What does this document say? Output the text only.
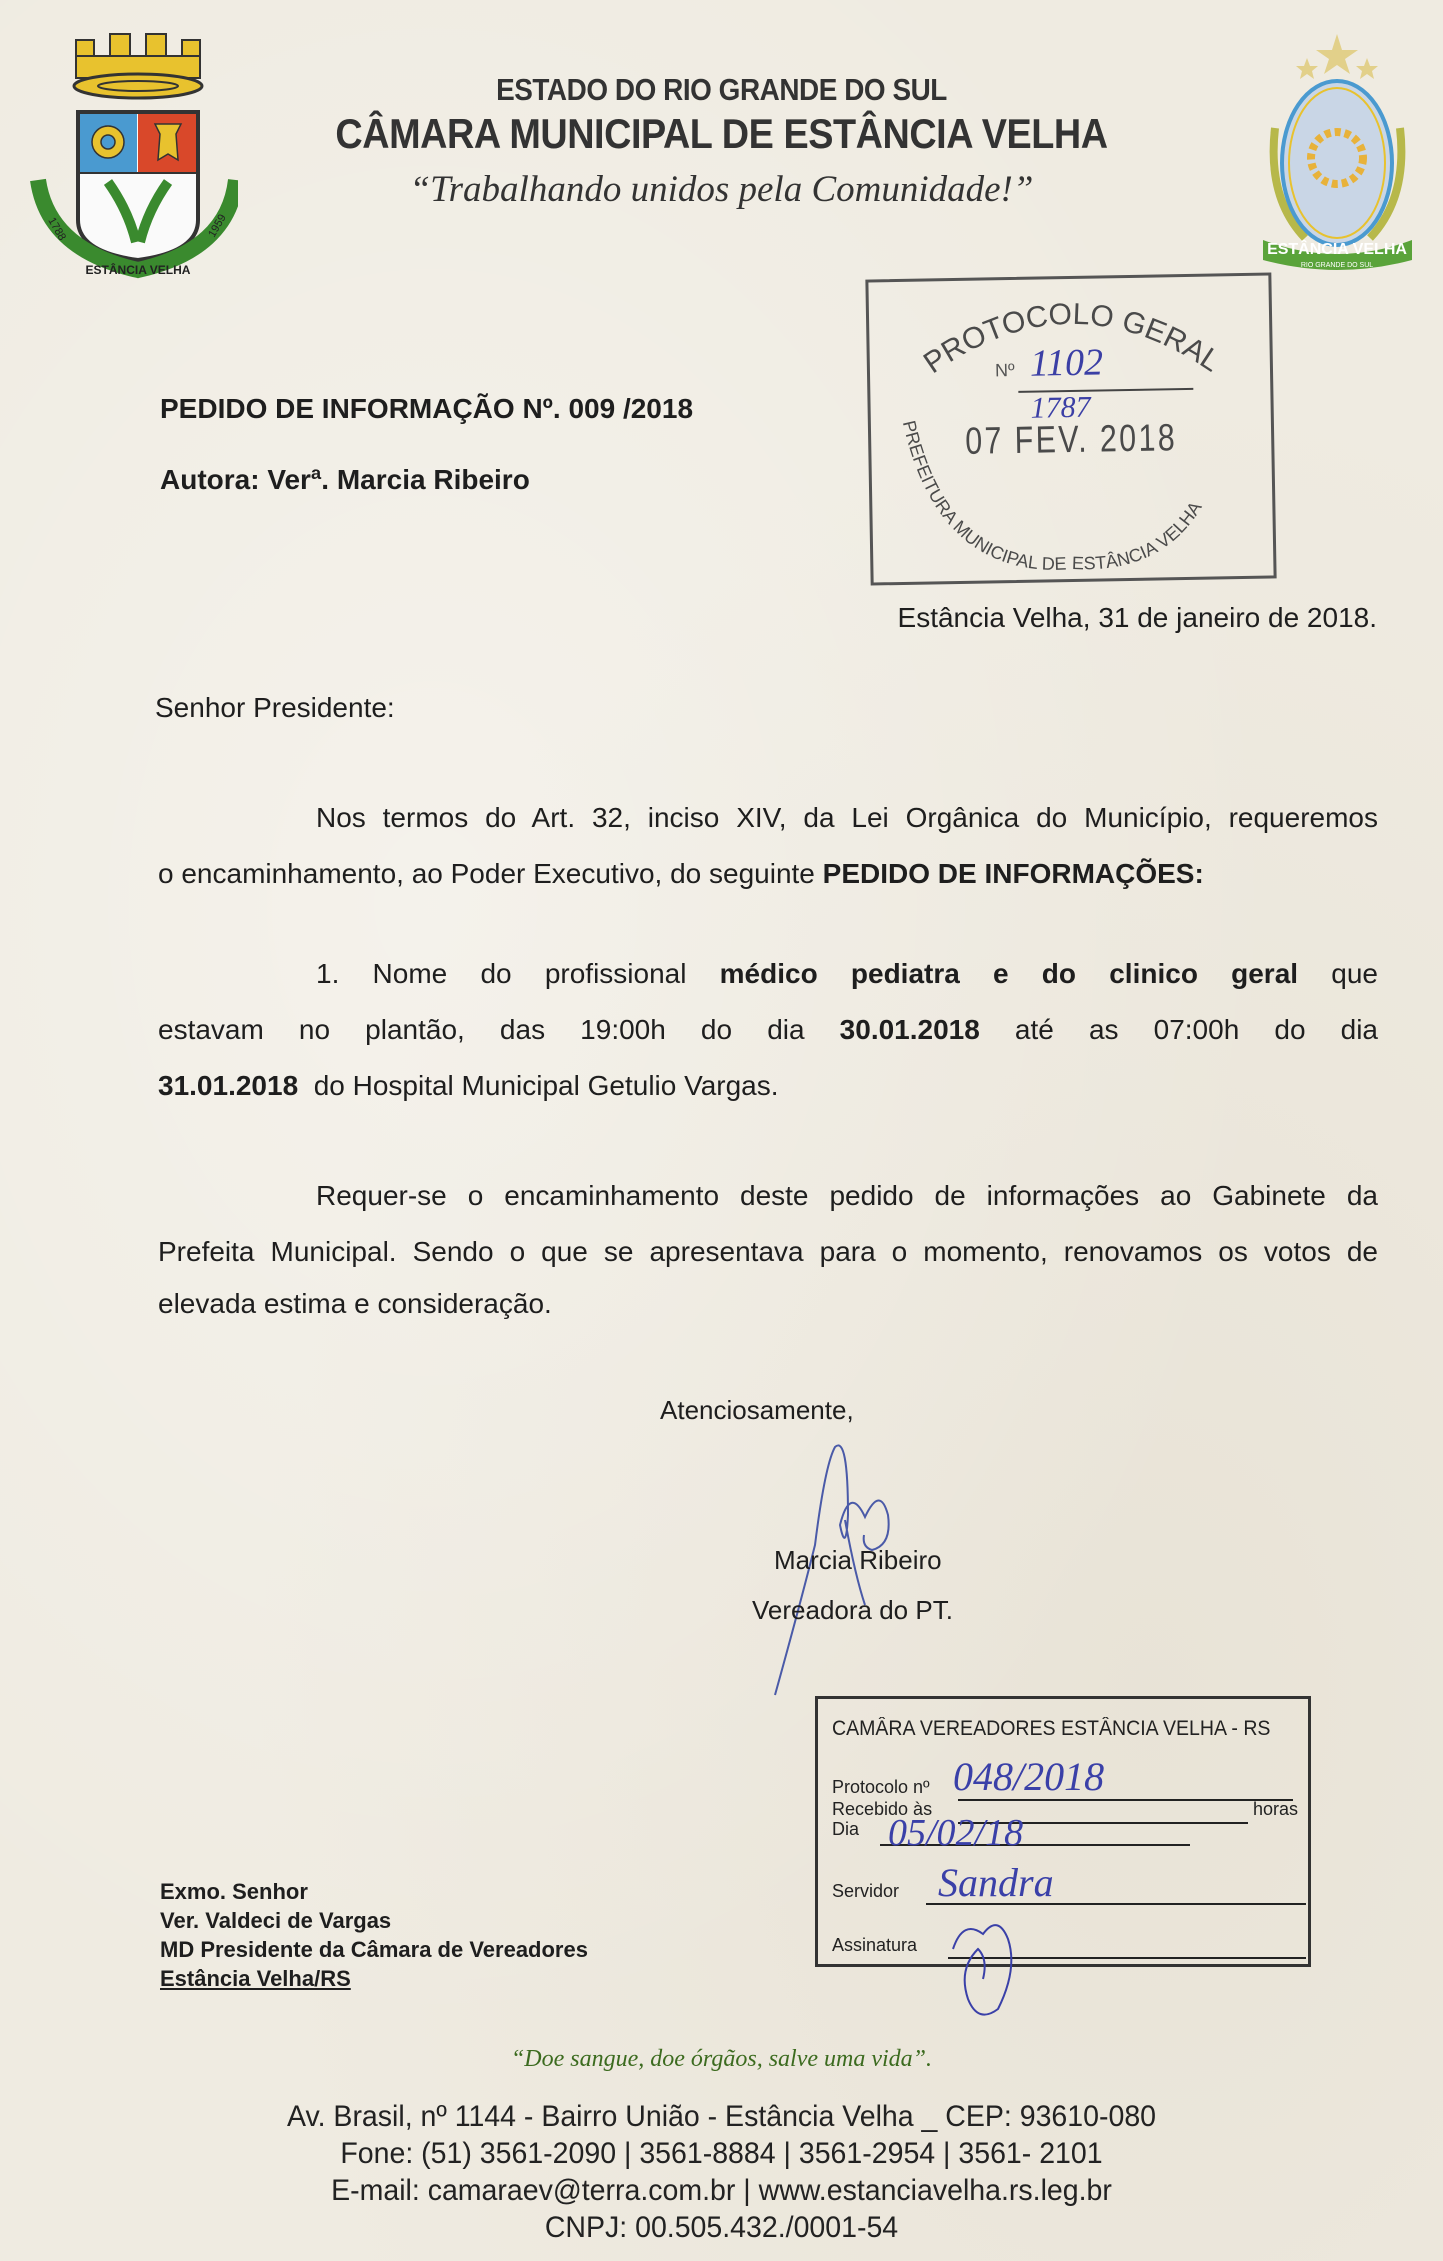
ESTÂNCIA VELHA
1788	1959
ESTÂNCIA VELHA
RIO GRANDE DO SUL
ESTADO DO RIO GRANDE DO SUL
CÂMARA MUNICIPAL DE ESTÂNCIA VELHA
“Trabalhando unidos pela Comunidade!”
PROTOCOLO GERAL
PREFEITURA MUNICIPAL DE ESTÂNCIA VELHA
Nº 1102
1787
07 FEV. 2018
PEDIDO DE INFORMAÇÃO Nº. 009 /2018
Autora: Verª. Marcia Ribeiro
Estância Velha, 31 de janeiro de 2018.
Senhor Presidente:
Nos termos do Art. 32, inciso XIV, da Lei Orgânica do Município, requeremos
o encaminhamento, ao Poder Executivo, do seguinte PEDIDO DE INFORMAÇÕES:
1. Nome do profissional médico pediatra e do clinico geral que
estavam no plantão, das 19:00h do dia 30.01.2018 até as 07:00h do dia
31.01.2018  do Hospital Municipal Getulio Vargas.
Requer-se o encaminhamento deste pedido de informações ao Gabinete da
Prefeita Municipal. Sendo o que se apresentava para o momento, renovamos os votos de
elevada estima e consideração.
Atenciosamente,
Marcia Ribeiro
Vereadora do PT.
CAMÂRA VEREADORES ESTÂNCIA VELHA - RS
Protocolo nº 048/2018
Recebido às	horas
Dia 05/02/18
Servidor Sandra
Assinatura
Exmo. Senhor
Ver. Valdeci de Vargas
MD Presidente da Câmara de Vereadores
Estância Velha/RS
“Doe sangue, doe órgãos, salve uma vida”.
Av. Brasil, nº 1144 - Bairro União - Estância Velha _ CEP: 93610-080
Fone: (51) 3561-2090 | 3561-8884 | 3561-2954 | 3561- 2101
E-mail: camaraev@terra.com.br | www.estanciavelha.rs.leg.br
CNPJ: 00.505.432./0001-54
